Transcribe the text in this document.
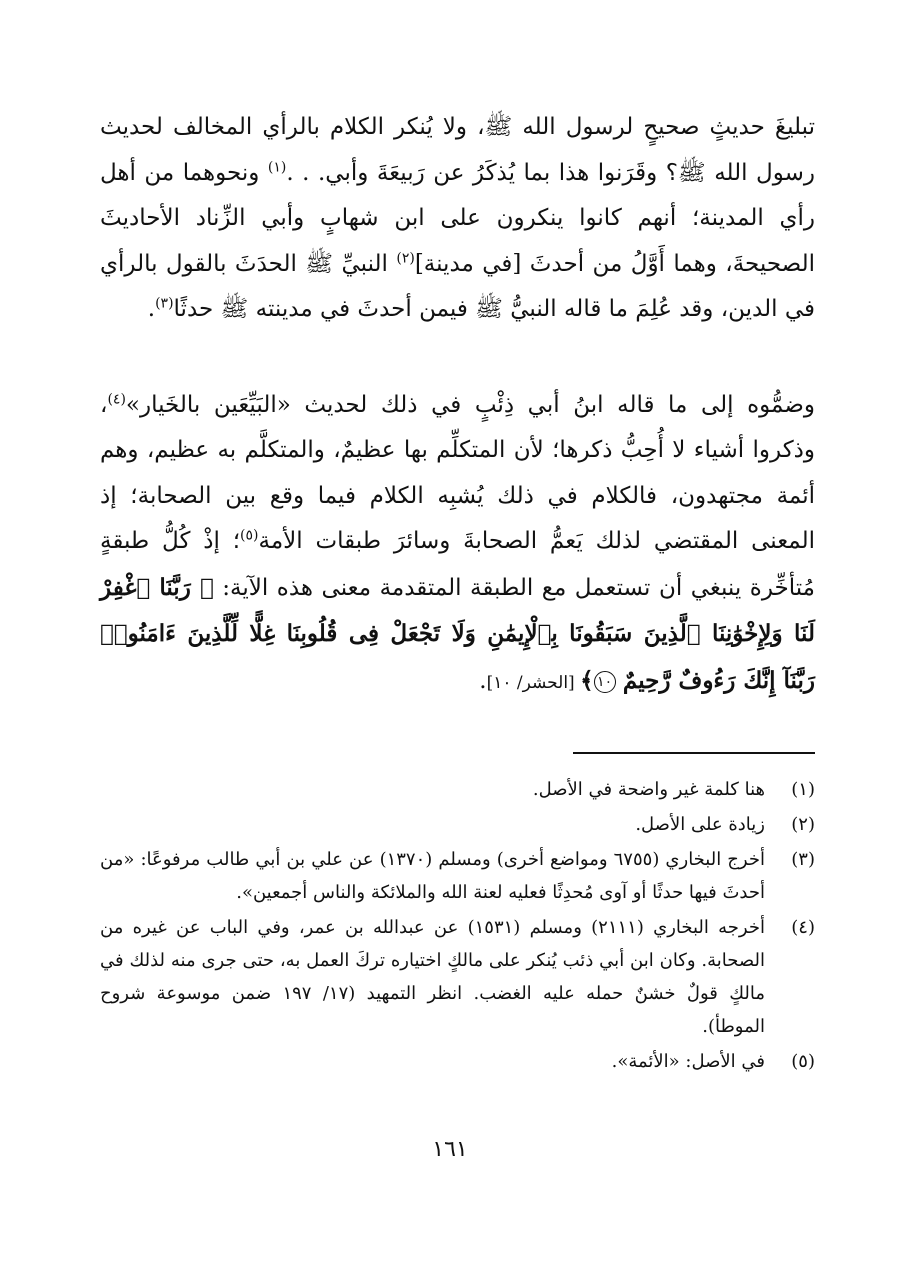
تبليغَ حديثٍ صحيحٍ لرسول الله ﷺ، ولا يُنكر الكلام بالرأي المخالف لحديث رسول الله ﷺ؟ وقَرَنوا هذا بما يُذكَرُ عن رَبيعَةَ وأبي. . .$^{(١)}$ ونحوهما من أهل رأي المدينة؛ أنهم كانوا ينكرون على ابن شهابٍ وأبي الزِّناد الأحاديثَ الصحيحةَ، وهما أَوَّلُ من أحدثَ [في مدينة]$^{(٢)}$ النبيِّ ﷺ الحدَثَ بالقول بالرأي في الدين، وقد عُلِمَ ما قاله النبيُّ ﷺ فيمن أحدثَ في مدينته ﷺ حدثًا$^{(٣)}$.

وضمُّوه إلى ما قاله ابنُ أبي ذِئْبٍ في ذلك لحديث «البَيِّعَين بالخَيار»$^{(٤)}$، وذكروا أشياء لا أُحِبُّ ذكرها؛ لأن المتكلِّم بها عظيمٌ، والمتكلَّم به عظيم، وهم أئمة مجتهدون، فالكلام في ذلك يُشبِه الكلام فيما وقع بين الصحابة؛ إذ المعنى المقتضي لذلك يَعمُّ الصحابةَ وسائرَ طبقات الأمة$^{(٥)}$؛ إذْ كُلُّ طبقةٍ مُتأخِّرة ينبغي أن تستعمل مع الطبقة المتقدمة معنى هذه الآية: ﴿ رَبَّنَا ٱغْفِرْ لَنَا وَلِإِخْوَٰنِنَا ٱلَّذِينَ سَبَقُونَا بِٱلْإِيمَٰنِ وَلَا تَجْعَلْ فِى قُلُوبِنَا غِلًّا لِّلَّذِينَ ءَامَنُوا۟ رَبَّنَآ إِنَّكَ رَءُوفٌ رَّحِيمٌ ١٠﴾ [الحشر/ ١٠].

(١)
هنا كلمة غير واضحة في الأصل.
(٢)
زيادة على الأصل.
(٣)
أخرج البخاري (٦٧٥٥ ومواضع أخرى) ومسلم (١٣٧٠) عن علي بن أبي طالب مرفوعًا: «من أحدثَ فيها حدثًا أو آوى مُحدِثًا فعليه لعنة الله والملائكة والناس أجمعين».
(٤)
أخرجه البخاري (٢١١١) ومسلم (١٥٣١) عن عبدالله بن عمر، وفي الباب عن غيره من الصحابة. وكان ابن أبي ذئب يُنكر على مالكٍ اختياره تركَ العمل به، حتى جرى منه لذلك في مالكٍ قولٌ خشنٌ حمله عليه الغضب. انظر التمهيد (١٧/ ١٩٧ ضمن موسوعة شروح الموطأ).
(٥)
في الأصل: «الأئمة».
١٦١
